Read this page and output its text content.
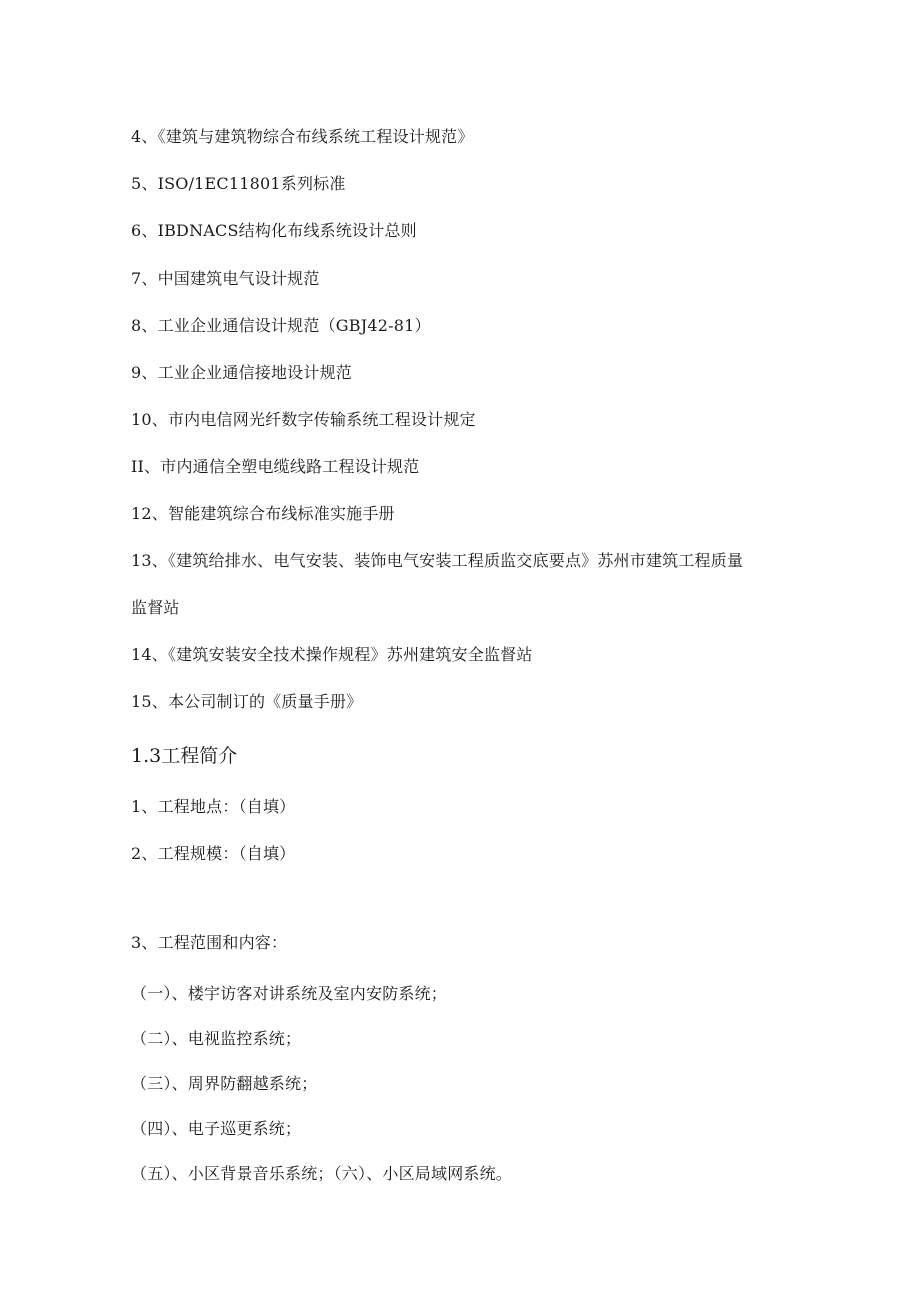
4、《建筑与建筑物综合布线系统工程设计规范》
5、ISO/1EC11801系列标准
6、IBDNACS结构化布线系统设计总则
7、中国建筑电气设计规范
8、工业企业通信设计规范（GBJ42-81）
9、工业企业通信接地设计规范
10、市内电信网光纤数字传输系统工程设计规定
II、市内通信全塑电缆线路工程设计规范
12、智能建筑综合布线标准实施手册
13、《建筑给排水、电气安装、装饰电气安装工程质监交底要点》苏州市建筑工程质量
监督站
14、《建筑安装安全技术操作规程》苏州建筑安全监督站
15、本公司制订的《质量手册》
1.3工程简介
1、工程地点：（自填）
2、工程规模：（自填）
3、工程范围和内容：
（一）、楼宇访客对讲系统及室内安防系统；
（二）、电视监控系统；
（三）、周界防翻越系统；
（四）、电子巡更系统；
（五）、小区背景音乐系统；（六）、小区局域网系统。
